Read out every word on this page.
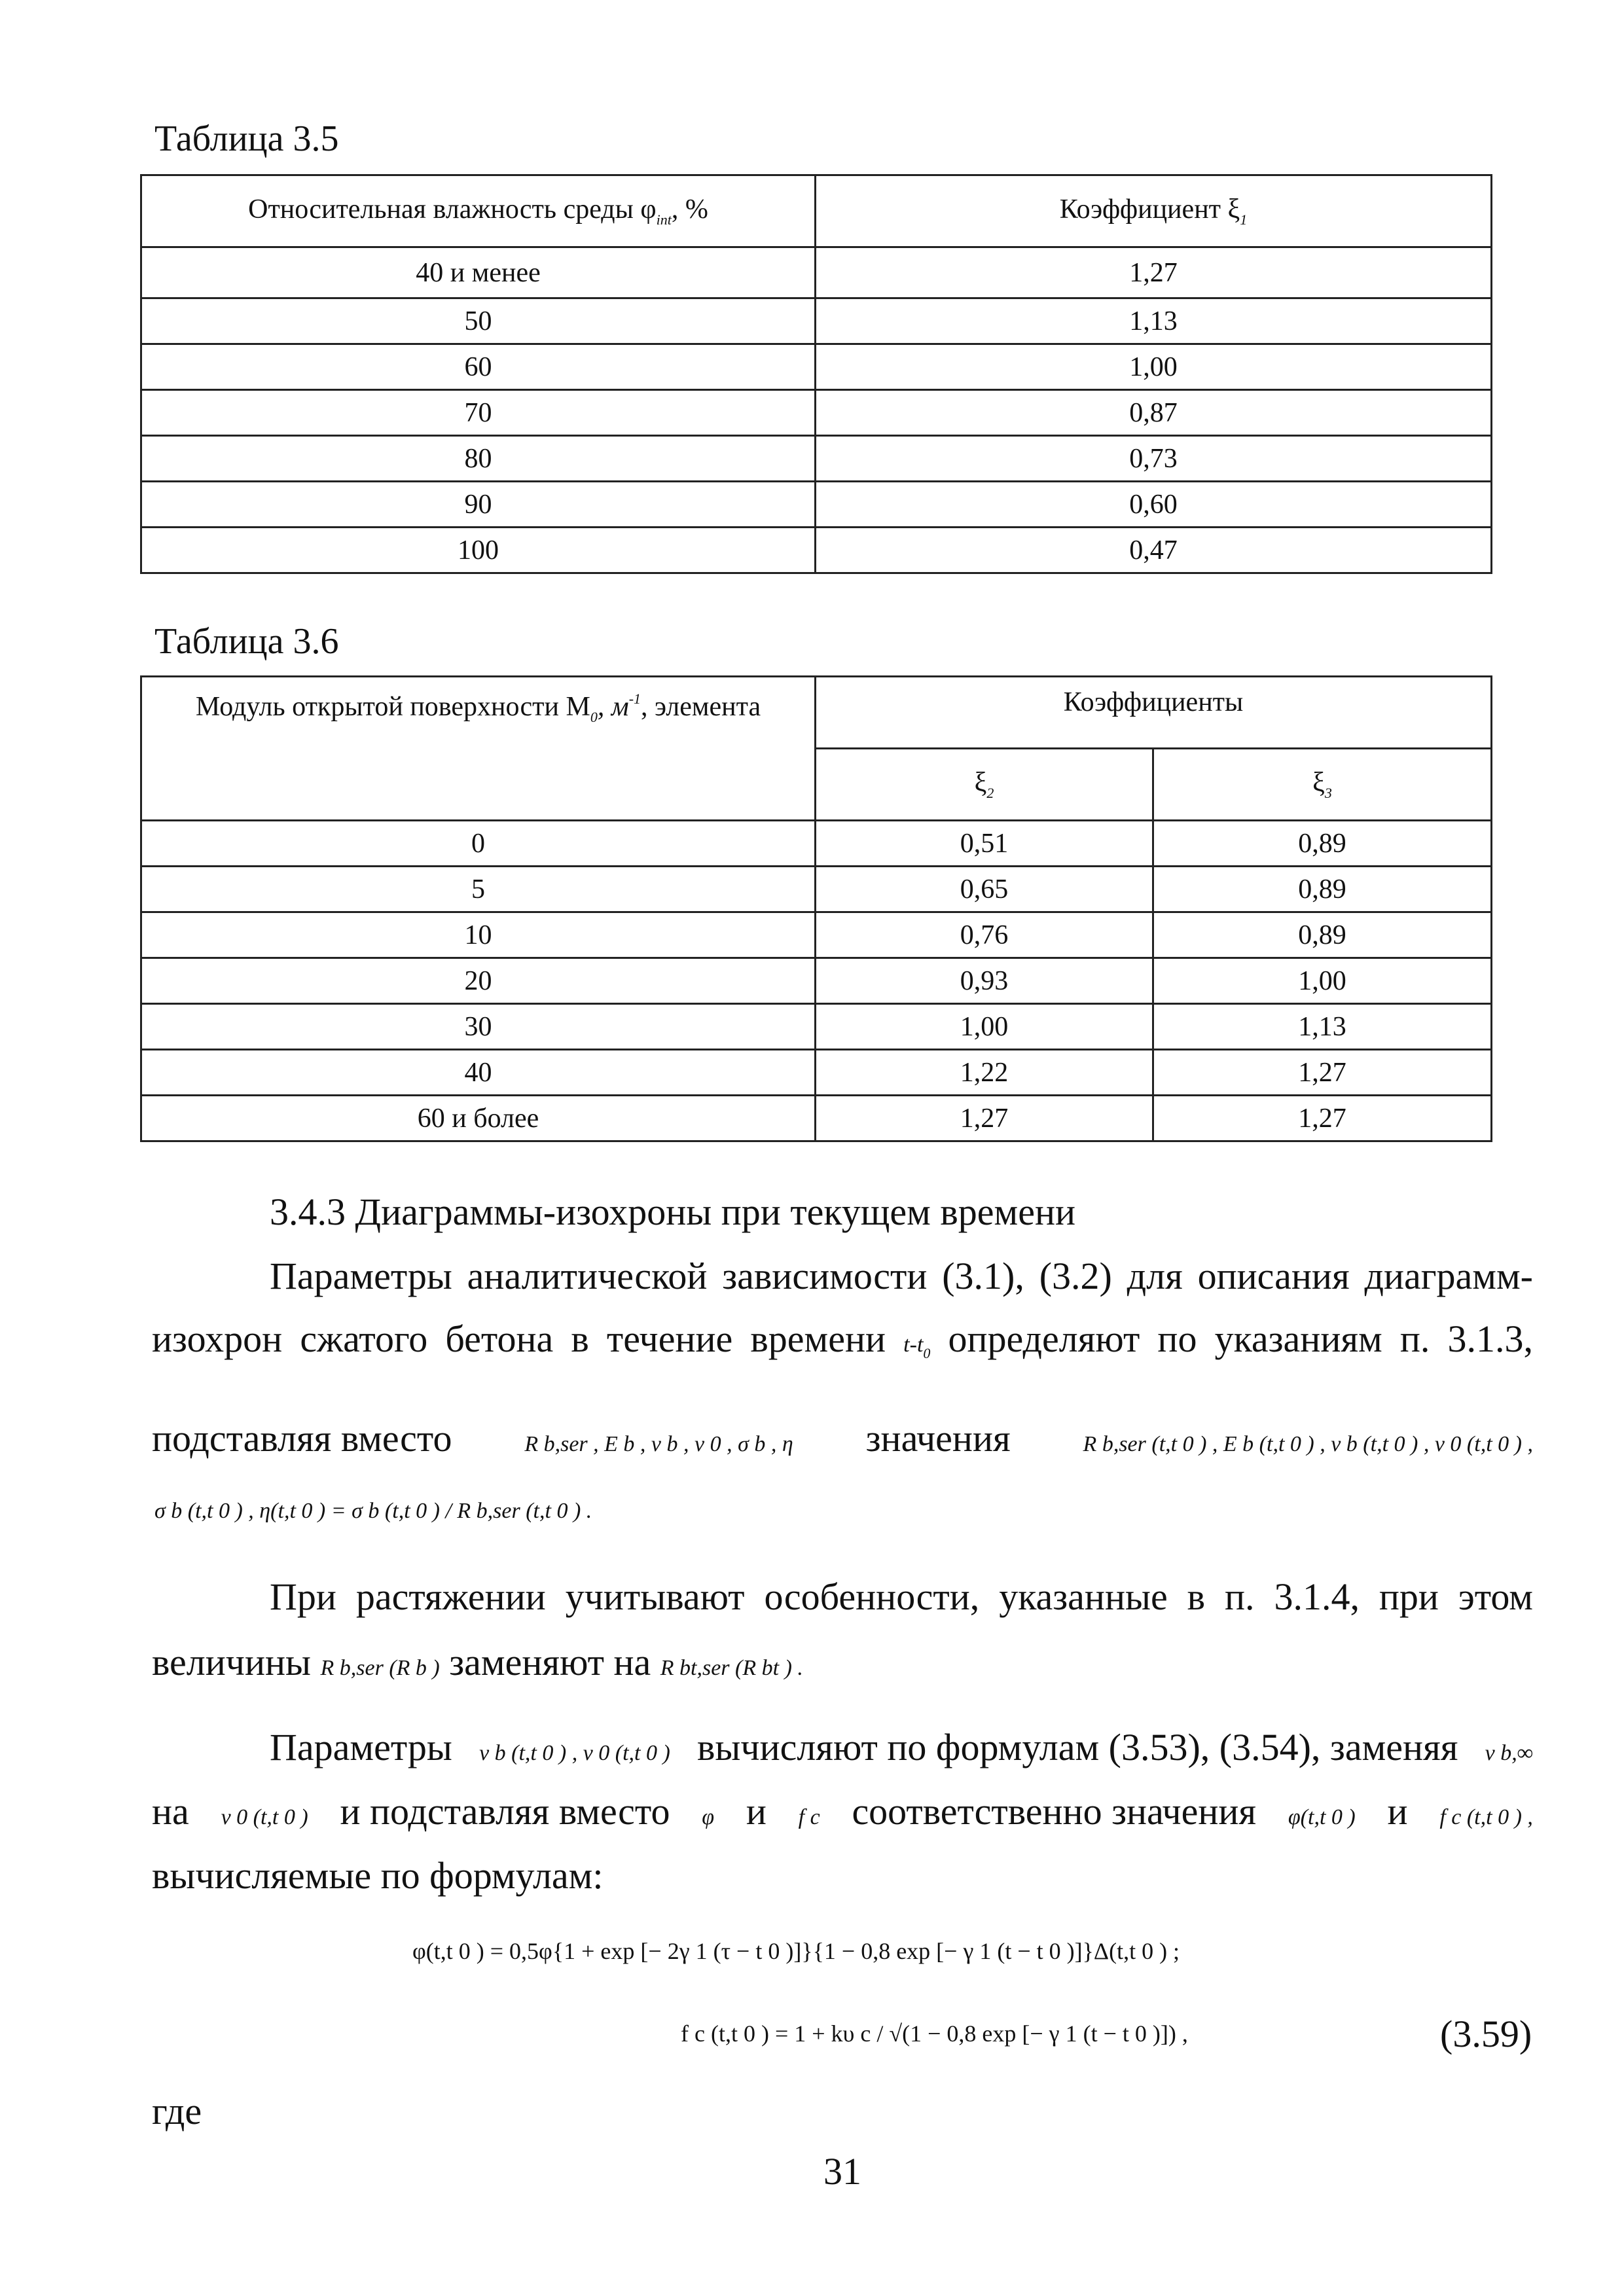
Таблица 3.5
Относительная влажность среды $\varphi_{int}$, %	Коэффициент $\xi_1$
40 и менее	1,27
50	1,13
60	1,00
70	0,87
80	0,73
90	0,60
100	0,47
Таблица 3.6
Модуль открытой поверхности $M_0$, $м^{-1}$, элемента	Коэффициенты	
	$\xi_2$	$\xi_3$
0	0,51	0,89
5	0,65	0,89
10	0,76	0,89
20	0,93	1,00
30	1,00	1,13
40	1,22	1,27
60 и более	1,27	1,27
3.4.3 Диаграммы-изохроны при текущем времени
Параметры аналитической зависимости (3.1), (3.2) для описания диаграмм-
изохрон сжатого бетона в течение времени $t-t_0$ определяют по указаниям п. 3.1.3,
подставляя вместо	R b,ser , E b , ν b , ν 0 , σ b , η значения	R b,ser (t,t 0 ) , E b (t,t 0 ) , ν b (t,t 0 ) , ν 0 (t,t 0 ) ,
σ b (t,t 0 ) , η(t,t 0 ) = σ b (t,t 0 ) / R b,ser (t,t 0 ) .
При растяжении учитывают особенности, указанные в п. 3.1.4, при этом
величины R b,ser (R b ) заменяют на R bt,ser (R bt ) .
Параметры ν b (t,t 0 ) , ν 0 (t,t 0 ) вычисляют по формулам (3.53), (3.54), заменяя ν b,∞
на ν 0 (t,t 0 ) и подставляя вместо φ и f c соответственно значения φ(t,t 0 ) и f c (t,t 0 ) ,
вычисляемые по формулам:
φ(t,t 0 ) = 0,5φ{1 + exp [− 2γ 1 (τ − t 0 )]}{1 − 0,8 exp [− γ 1 (t − t 0 )]}Δ(t,t 0 ) ;
f c (t,t 0 ) = 1 + kυ c / √(1 − 0,8 exp [− γ 1 (t − t 0 )]) ,	(3.59)
где
31
